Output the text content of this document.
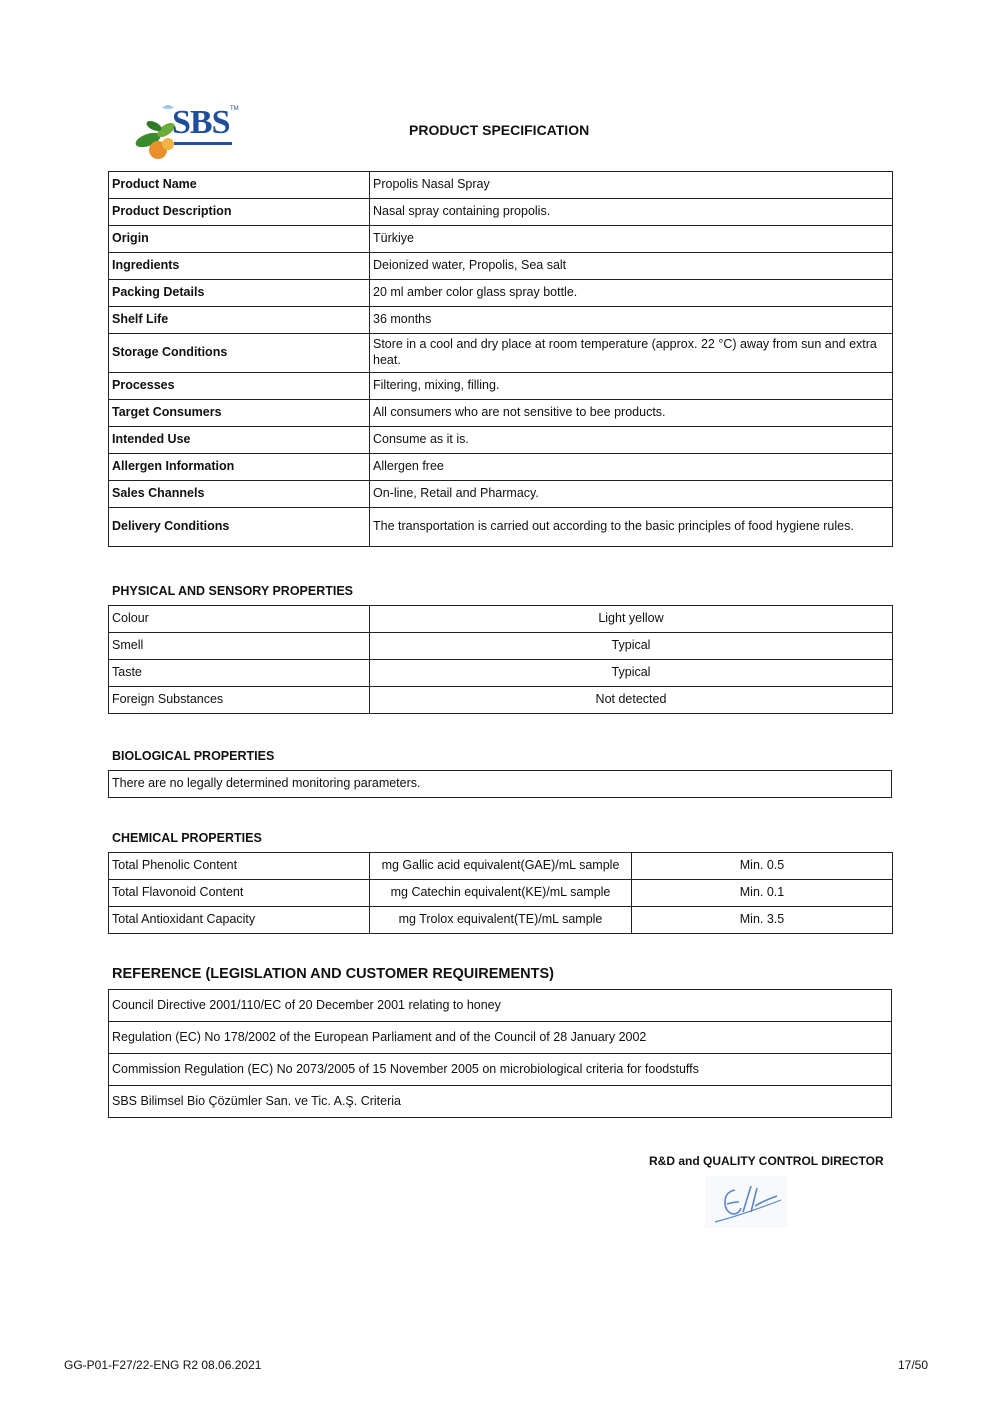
SBS TM
PRODUCT SPECIFICATION
Product Name	Propolis Nasal Spray
Product Description	Nasal spray containing propolis.
Origin	Türkiye
Ingredients	Deionized water, Propolis, Sea salt
Packing Details	20 ml amber color glass spray bottle.
Shelf Life	36 months
Storage Conditions	Store in a cool and dry place at room temperature (approx. 22 °C) away from sun and extra heat.
Processes	Filtering, mixing, filling.
Target Consumers	All consumers who are not sensitive to bee products.
Intended Use	Consume as it is.
Allergen Information	Allergen free
Sales Channels	On-line, Retail and Pharmacy.
Delivery Conditions	The transportation is carried out according to the basic principles of food hygiene rules.
PHYSICAL AND SENSORY PROPERTIES
Colour	Light yellow
Smell	Typical
Taste	Typical
Foreign Substances	Not detected
BIOLOGICAL PROPERTIES
There are no legally determined monitoring parameters.
CHEMICAL PROPERTIES
Total Phenolic Content	mg Gallic acid equivalent(GAE)/mL sample	Min. 0.5
Total Flavonoid Content	mg Catechin equivalent(KE)/mL sample	Min. 0.1
Total Antioxidant Capacity	mg Trolox equivalent(TE)/mL sample	Min. 3.5
REFERENCE (LEGISLATION AND CUSTOMER REQUIREMENTS)
Council Directive 2001/110/EC of 20 December 2001 relating to honey
Regulation (EC) No 178/2002 of the European Parliament and of the Council of 28 January 2002
Commission Regulation (EC) No 2073/2005 of 15 November 2005 on microbiological criteria for foodstuffs
SBS Bilimsel Bio Çözümler San. ve Tic. A.Ş. Criteria
R&D and QUALITY CONTROL DIRECTOR
GG-P01-F27/22-ENG R2 08.06.2021	17/50
